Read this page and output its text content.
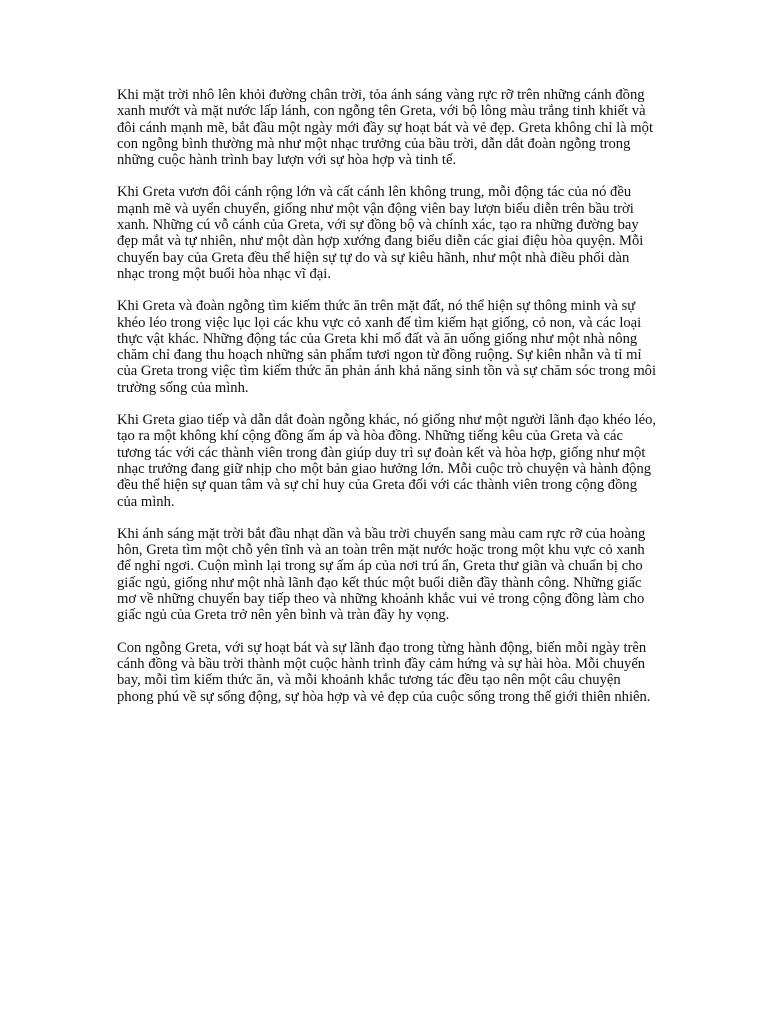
Khi mặt trời nhô lên khỏi đường chân trời, tỏa ánh sáng vàng rực rỡ trên những cánh đồng xanh mướt và mặt nước lấp lánh, con ngỗng tên Greta, với bộ lông màu trắng tinh khiết và đôi cánh mạnh mẽ, bắt đầu một ngày mới đầy sự hoạt bát và vẻ đẹp. Greta không chỉ là một con ngỗng bình thường mà như một nhạc trưởng của bầu trời, dẫn dắt đoàn ngỗng trong những cuộc hành trình bay lượn với sự hòa hợp và tinh tế.

Khi Greta vươn đôi cánh rộng lớn và cất cánh lên không trung, mỗi động tác của nó đều mạnh mẽ và uyển chuyển, giống như một vận động viên bay lượn biểu diễn trên bầu trời xanh. Những cú vỗ cánh của Greta, với sự đồng bộ và chính xác, tạo ra những đường bay đẹp mắt và tự nhiên, như một dàn hợp xướng đang biểu diễn các giai điệu hòa quyện. Mỗi chuyến bay của Greta đều thể hiện sự tự do và sự kiêu hãnh, như một nhà điều phối dàn nhạc trong một buổi hòa nhạc vĩ đại.

Khi Greta và đoàn ngỗng tìm kiếm thức ăn trên mặt đất, nó thể hiện sự thông minh và sự khéo léo trong việc lục lọi các khu vực cỏ xanh để tìm kiếm hạt giống, cỏ non, và các loại thực vật khác. Những động tác của Greta khi mổ đất và ăn uống giống như một nhà nông chăm chỉ đang thu hoạch những sản phẩm tươi ngon từ đồng ruộng. Sự kiên nhẫn và tỉ mỉ của Greta trong việc tìm kiếm thức ăn phản ánh khả năng sinh tồn và sự chăm sóc trong môi trường sống của mình.

Khi Greta giao tiếp và dẫn dắt đoàn ngỗng khác, nó giống như một người lãnh đạo khéo léo, tạo ra một không khí cộng đồng ấm áp và hòa đồng. Những tiếng kêu của Greta và các tương tác với các thành viên trong đàn giúp duy trì sự đoàn kết và hòa hợp, giống như một nhạc trưởng đang giữ nhịp cho một bản giao hưởng lớn. Mỗi cuộc trò chuyện và hành động đều thể hiện sự quan tâm và sự chỉ huy của Greta đối với các thành viên trong cộng đồng của mình.

Khi ánh sáng mặt trời bắt đầu nhạt dần và bầu trời chuyển sang màu cam rực rỡ của hoàng hôn, Greta tìm một chỗ yên tĩnh và an toàn trên mặt nước hoặc trong một khu vực cỏ xanh để nghỉ ngơi. Cuộn mình lại trong sự ấm áp của nơi trú ẩn, Greta thư giãn và chuẩn bị cho giấc ngủ, giống như một nhà lãnh đạo kết thúc một buổi diễn đầy thành công. Những giấc mơ về những chuyến bay tiếp theo và những khoảnh khắc vui vẻ trong cộng đồng làm cho giấc ngủ của Greta trở nên yên bình và tràn đầy hy vọng.

Con ngỗng Greta, với sự hoạt bát và sự lãnh đạo trong từng hành động, biến mỗi ngày trên cánh đồng và bầu trời thành một cuộc hành trình đầy cảm hứng và sự hài hòa. Mỗi chuyến bay, mỗi tìm kiếm thức ăn, và mỗi khoảnh khắc tương tác đều tạo nên một câu chuyện phong phú về sự sống động, sự hòa hợp và vẻ đẹp của cuộc sống trong thế giới thiên nhiên.
